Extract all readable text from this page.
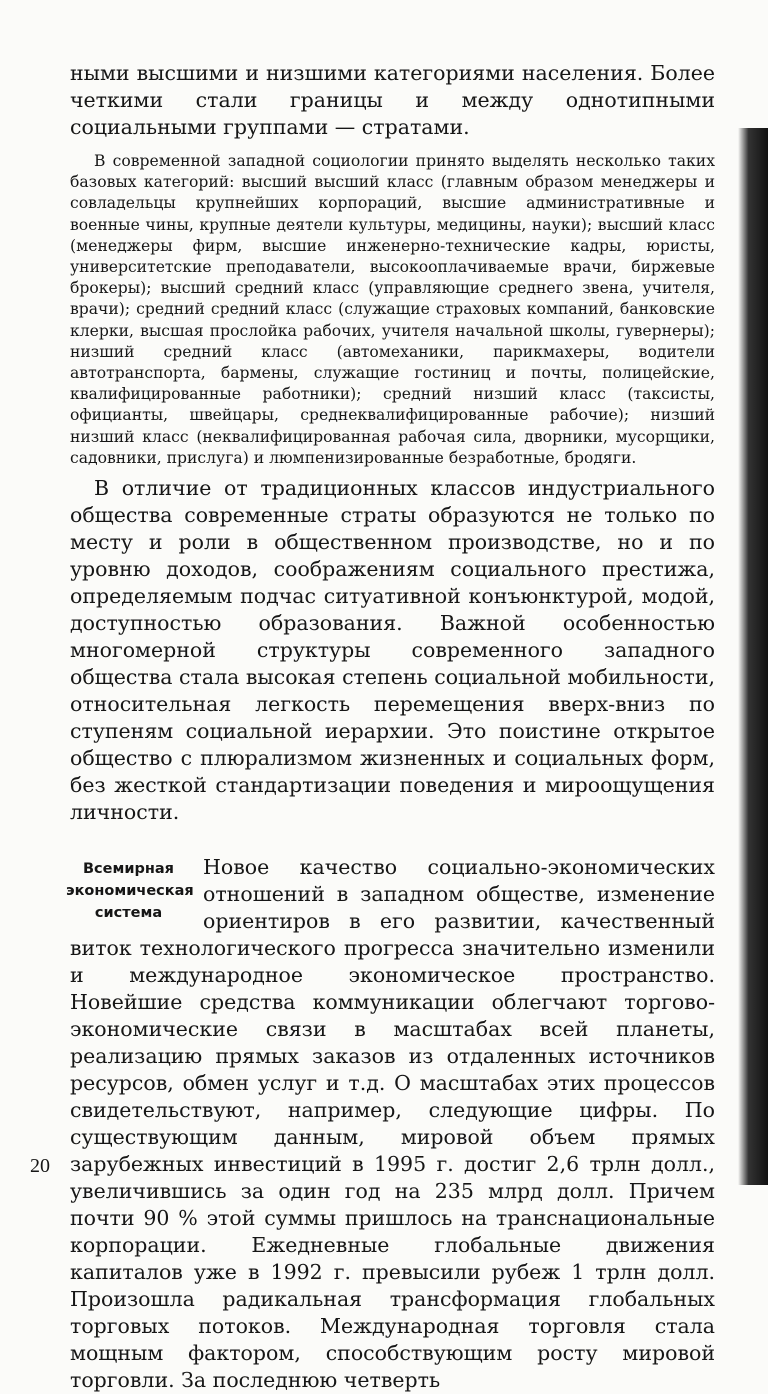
ными высшими и низшими категориями населения. Более четкими стали границы и между однотипными социальными группами — стратами.

В современной западной социологии принято выделять несколько таких базовых категорий: высший высший класс (главным образом менеджеры и совладельцы крупнейших корпораций, высшие административные и военные чины, крупные деятели культуры, медицины, науки); высший класс (менеджеры фирм, высшие инженерно-технические кадры, юристы, университетские преподаватели, высокооплачиваемые врачи, биржевые брокеры); высший средний класс (управляющие среднего звена, учителя, врачи); средний средний класс (служащие страховых компаний, банковские клерки, высшая прослойка рабочих, учителя начальной школы, гувернеры); низший средний класс (автомеханики, парикмахеры, водители автотранспорта, бармены, служащие гостиниц и почты, полицейские, квалифицированные работники); средний низший класс (таксисты, официанты, швейцары, среднеквалифицированные рабочие); низший низший класс (неквалифицированная рабочая сила, дворники, мусорщики, садовники, прислуга) и люмпенизированные безработные, бродяги.

В отличие от традиционных классов индустриального общества современные страты образуются не только по месту и роли в общественном производстве, но и по уровню доходов, соображениям социального престижа, определяемым подчас ситуативной конъюнктурой, модой, доступностью образования. Важной особенностью многомерной структуры современного западного общества стала высокая степень социальной мобильности, относительная легкость перемещения вверх-вниз по ступеням социальной иерархии. Это поистине открытое общество с плюрализмом жизненных и социальных форм, без жесткой стандартизации поведения и мироощущения личности.

Всемирная
экономическая
система

Новое качество социально-экономических отношений в западном обществе, изменение ориентиров в его развитии, качественный виток технологического прогресса значительно изменили и международное экономическое пространство. Новейшие средства коммуникации облегчают торгово-экономические связи в масштабах всей планеты, реализацию прямых заказов из отдаленных источников ресурсов, обмен услуг и т.д. О масштабах этих процессов свидетельствуют, например, следующие цифры. По существующим данным, мировой объем прямых зарубежных инвестиций в 1995 г. достиг 2,6 трлн долл., увеличившись за один год на 235 млрд долл. Причем почти 90 % этой суммы пришлось на транснациональные корпорации. Ежедневные глобальные движения капиталов уже в 1992 г. превысили рубеж 1 трлн долл. Произошла радикальная трансформация глобальных торговых потоков. Международная торговля стала мощным фактором, способствующим росту мировой торговли. За последнюю четверть

20
